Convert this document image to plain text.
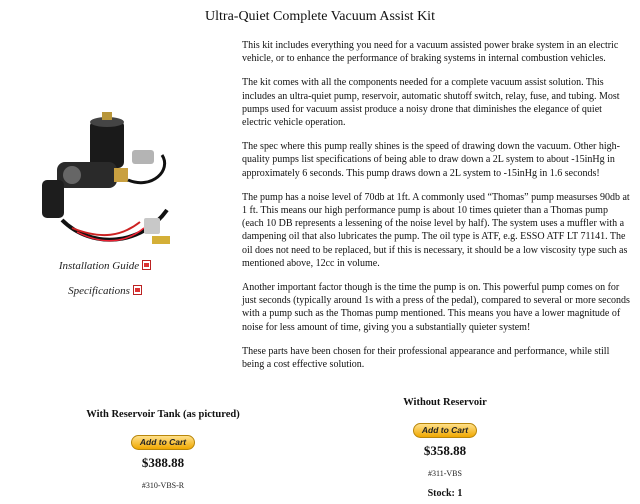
Ultra-Quiet Complete Vacuum Assist Kit
Installation Guide
Specifications

This kit includes everything you need for a vacuum assisted power brake system in an electric vehicle, or to enhance the performance of braking systems in internal combustion vehicles.

The kit comes with all the components needed for a complete vacuum assist solution. This includes an ultra-quiet pump, reservoir, automatic shutoff switch, relay, fuse, and tubing. Most pumps used for vacuum assist produce a noisy drone that diminishes the elegance of quiet electric vehicle operation.

The spec where this pump really shines is the speed of drawing down the vacuum. Other high-quality pumps list specifications of being able to draw down a 2L system to about -15inHg in approximately 6 seconds. This pump draws down a 2L system to -15inHg in 1.6 seconds!

The pump has a noise level of 70db at 1ft. A commonly used “Thomas” pump measurses 90db at 1 ft. This means our high performance pump is about 10 times quieter than a Thomas pump (each 10 DB represents a lessening of the noise level by half). The system uses a muffler with a dampening oil that also lubricates the pump. The oil type is ATF, e.g. ESSO ATF LT 71141. The oil does not need to be replaced, but if this is necessary, it should be a low viscosity type such as mentioned above, 12cc in volume.

Another important factor though is the time the pump is on. This powerful pump comes on for just seconds (typically around 1s with a press of the pedal), compared to several or more seconds with a pump such as the Thomas pump mentioned. This means you have a lower magnitude of noise for less amount of time, giving you a substantially quieter system!

These parts have been chosen for their professional appearance and performance, while still being a cost effective solution.

With Reservoir Tank (as pictured)
Add to Cart
$388.88
#310-VBS-R
Without Reservoir
Add to Cart
$358.88
#311-VBS
Stock: 1
